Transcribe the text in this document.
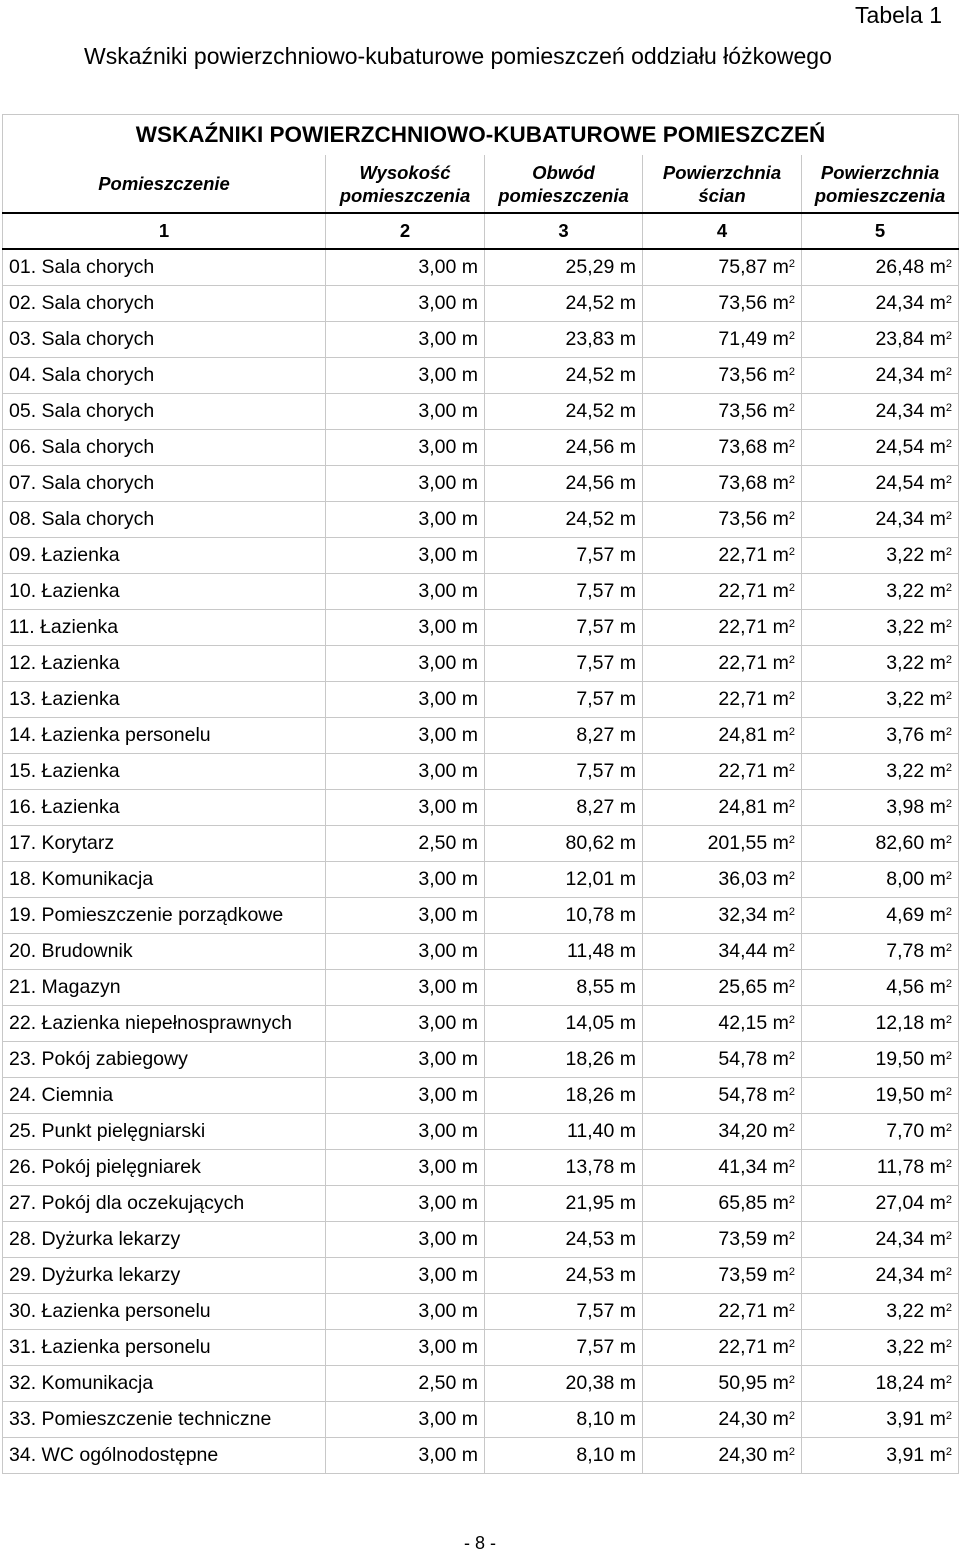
Tabela 1
Wskaźniki powierzchniowo-kubaturowe pomieszczeń oddziału łóżkowego
WSKAŹNIKI POWIERZCHNIOWO-KUBATUROWE POMIESZCZEŃ				
Pomieszczenie	Wysokość pomieszczenia	Obwód pomieszczenia	Powierzchnia ścian	Powierzchnia pomieszczenia
1	2	3	4	5
01. Sala chorych	3,00 m	25,29 m	75,87 $m^2$	26,48 $m^2$
02. Sala chorych	3,00 m	24,52 m	73,56 $m^2$	24,34 $m^2$
03. Sala chorych	3,00 m	23,83 m	71,49 $m^2$	23,84 $m^2$
04. Sala chorych	3,00 m	24,52 m	73,56 $m^2$	24,34 $m^2$
05. Sala chorych	3,00 m	24,52 m	73,56 $m^2$	24,34 $m^2$
06. Sala chorych	3,00 m	24,56 m	73,68 $m^2$	24,54 $m^2$
07. Sala chorych	3,00 m	24,56 m	73,68 $m^2$	24,54 $m^2$
08. Sala chorych	3,00 m	24,52 m	73,56 $m^2$	24,34 $m^2$
09. Łazienka	3,00 m	7,57 m	22,71 $m^2$	3,22 $m^2$
10. Łazienka	3,00 m	7,57 m	22,71 $m^2$	3,22 $m^2$
11. Łazienka	3,00 m	7,57 m	22,71 $m^2$	3,22 $m^2$
12. Łazienka	3,00 m	7,57 m	22,71 $m^2$	3,22 $m^2$
13. Łazienka	3,00 m	7,57 m	22,71 $m^2$	3,22 $m^2$
14. Łazienka personelu	3,00 m	8,27 m	24,81 $m^2$	3,76 $m^2$
15. Łazienka	3,00 m	7,57 m	22,71 $m^2$	3,22 $m^2$
16. Łazienka	3,00 m	8,27 m	24,81 $m^2$	3,98 $m^2$
17. Korytarz	2,50 m	80,62 m	201,55 $m^2$	82,60 $m^2$
18. Komunikacja	3,00 m	12,01 m	36,03 $m^2$	8,00 $m^2$
19. Pomieszczenie porządkowe	3,00 m	10,78 m	32,34 $m^2$	4,69 $m^2$
20. Brudownik	3,00 m	11,48 m	34,44 $m^2$	7,78 $m^2$
21. Magazyn	3,00 m	8,55 m	25,65 $m^2$	4,56 $m^2$
22. Łazienka niepełnosprawnych	3,00 m	14,05 m	42,15 $m^2$	12,18 $m^2$
23. Pokój zabiegowy	3,00 m	18,26 m	54,78 $m^2$	19,50 $m^2$
24. Ciemnia	3,00 m	18,26 m	54,78 $m^2$	19,50 $m^2$
25. Punkt pielęgniarski	3,00 m	11,40 m	34,20 $m^2$	7,70 $m^2$
26. Pokój pielęgniarek	3,00 m	13,78 m	41,34 $m^2$	11,78 $m^2$
27. Pokój dla oczekujących	3,00 m	21,95 m	65,85 $m^2$	27,04 $m^2$
28. Dyżurka lekarzy	3,00 m	24,53 m	73,59 $m^2$	24,34 $m^2$
29. Dyżurka lekarzy	3,00 m	24,53 m	73,59 $m^2$	24,34 $m^2$
30. Łazienka personelu	3,00 m	7,57 m	22,71 $m^2$	3,22 $m^2$
31. Łazienka personelu	3,00 m	7,57 m	22,71 $m^2$	3,22 $m^2$
32. Komunikacja	2,50 m	20,38 m	50,95 $m^2$	18,24 $m^2$
33. Pomieszczenie techniczne	3,00 m	8,10 m	24,30 $m^2$	3,91 $m^2$
34. WC ogólnodostępne	3,00 m	8,10 m	24,30 $m^2$	3,91 $m^2$
- 8 -
